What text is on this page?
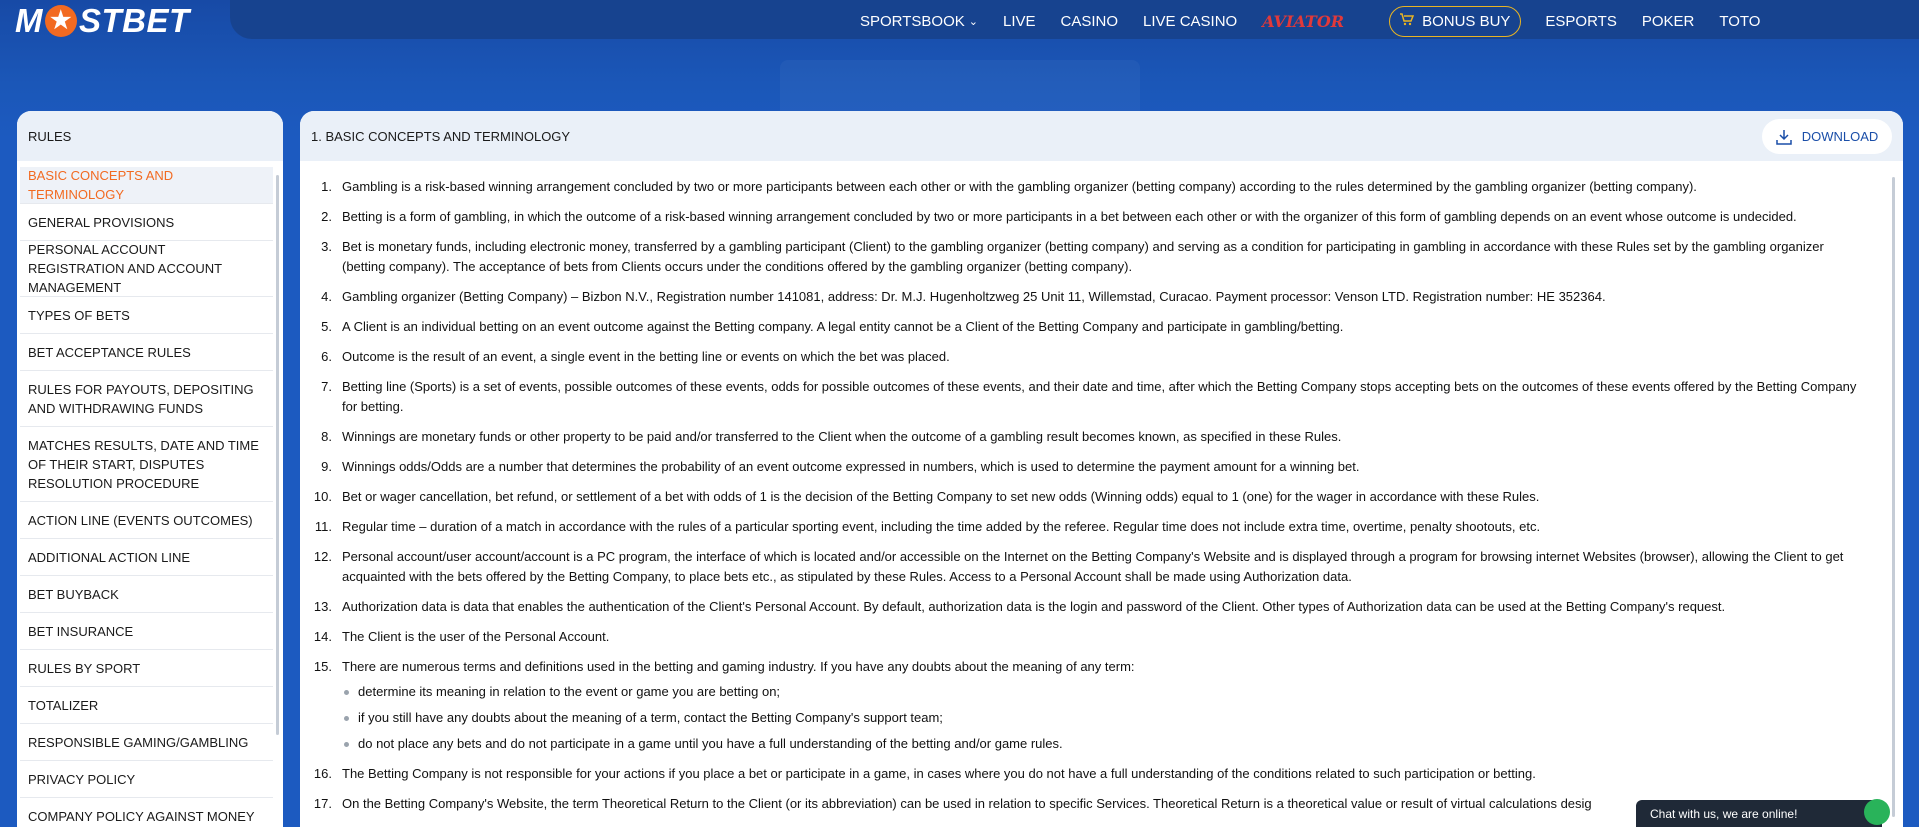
SPORTSBOOK ⌄ LIVE CASINO LIVE CASINO AVIATOR	BONUS BUY ESPORTS POKER TOTO
M ★ STBET
RULES
BASIC CONCEPTS AND TERMINOLOGY
GENERAL PROVISIONS
PERSONAL ACCOUNT REGISTRATION AND ACCOUNT MANAGEMENT
TYPES OF BETS
BET ACCEPTANCE RULES
RULES FOR PAYOUTS, DEPOSITING AND WITHDRAWING FUNDS
MATCHES RESULTS, DATE AND TIME OF THEIR START, DISPUTES RESOLUTION PROCEDURE
ACTION LINE (EVENTS OUTCOMES)
ADDITIONAL ACTION LINE
BET BUYBACK
BET INSURANCE
RULES BY SPORT
TOTALIZER
RESPONSIBLE GAMING/GAMBLING
PRIVACY POLICY
COMPANY POLICY AGAINST MONEY
1. BASIC CONCEPTS AND TERMINOLOGY	DOWNLOAD
1. Gambling is a risk-based winning arrangement concluded by two or more participants between each other or with the gambling organizer (betting company) according to the rules determined by the gambling organizer (betting company).
2. Betting is a form of gambling, in which the outcome of a risk-based winning arrangement concluded by two or more participants in a bet between each other or with the organizer of this form of gambling depends on an event whose outcome is undecided.
3. Bet is monetary funds, including electronic money, transferred by a gambling participant (Client) to the gambling organizer (betting company) and serving as a condition for participating in gambling in accordance with these Rules set by the gambling organizer (betting company). The acceptance of bets from Clients occurs under the conditions offered by the gambling organizer (betting company).
4. Gambling organizer (Betting Company) – Bizbon N.V., Registration number 141081, address: Dr. M.J. Hugenholtzweg 25 Unit 11, Willemstad, Curacao. Payment processor: Venson LTD. Registration number: HE 352364.
5. A Client is an individual betting on an event outcome against the Betting company. A legal entity cannot be a Client of the Betting Company and participate in gambling/betting.
6. Outcome is the result of an event, a single event in the betting line or events on which the bet was placed.
7. Betting line (Sports) is a set of events, possible outcomes of these events, odds for possible outcomes of these events, and their date and time, after which the Betting Company stops accepting bets on the outcomes of these events offered by the Betting Company for betting.
8. Winnings are monetary funds or other property to be paid and/or transferred to the Client when the outcome of a gambling result becomes known, as specified in these Rules.
9. Winnings odds/Odds are a number that determines the probability of an event outcome expressed in numbers, which is used to determine the payment amount for a winning bet.
10. Bet or wager cancellation, bet refund, or settlement of a bet with odds of 1 is the decision of the Betting Company to set new odds (Winning odds) equal to 1 (one) for the wager in accordance with these Rules.
11. Regular time – duration of a match in accordance with the rules of a particular sporting event, including the time added by the referee. Regular time does not include extra time, overtime, penalty shootouts, etc.
12. Personal account/user account/account is a PC program, the interface of which is located and/or accessible on the Internet on the Betting Company's Website and is displayed through a program for browsing internet Websites (browser), allowing the Client to get acquainted with the bets offered by the Betting Company, to place bets etc., as stipulated by these Rules. Access to a Personal Account shall be made using Authorization data.
13. Authorization data is data that enables the authentication of the Client's Personal Account. By default, authorization data is the login and password of the Client. Other types of Authorization data can be used at the Betting Company's request.
14. The Client is the user of the Personal Account.
15. There are numerous terms and definitions used in the betting and gaming industry. If you have any doubts about the meaning of any term:
determine its meaning in relation to the event or game you are betting on;
if you still have any doubts about the meaning of a term, contact the Betting Company's support team;
do not place any bets and do not participate in a game until you have a full understanding of the betting and/or game rules.
16. The Betting Company is not responsible for your actions if you place a bet or participate in a game, in cases where you do not have a full understanding of the conditions related to such participation or betting.
17. On the Betting Company's Website, the term Theoretical Return to the Client (or its abbreviation) can be used in relation to specific Services. Theoretical Return is a theoretical value or result of virtual calculations desig
Chat with us, we are online!
